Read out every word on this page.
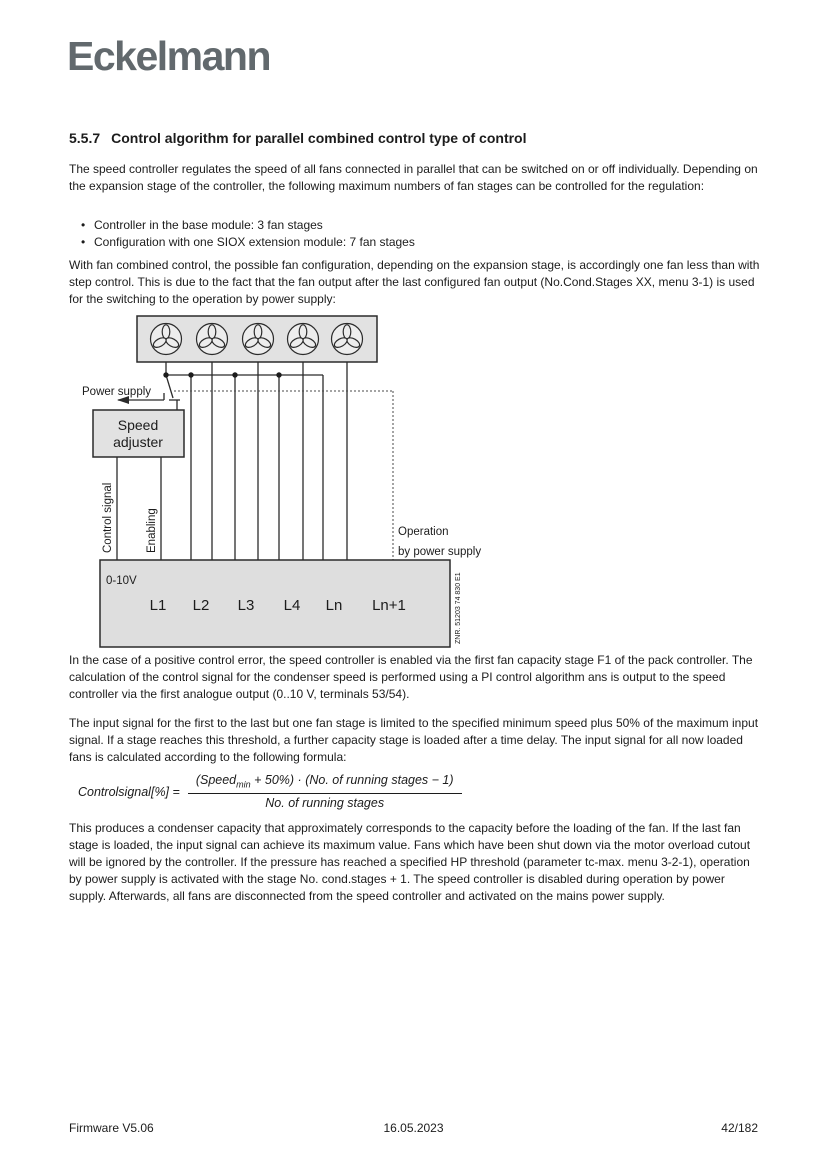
Eckelmann
5.5.7 Control algorithm for parallel combined control type of control
The speed controller regulates the speed of all fans connected in parallel that can be switched on or off individually. Depending on the expansion stage of the controller, the following maximum numbers of fan stages can be controlled for the regulation:
• Controller in the base module: 3 fan stages
• Configuration with one SIOX extension module: 7 fan stages
With fan combined control, the possible fan configuration, depending on the expansion stage, is accordingly one fan less than with step control. This is due to the fact that the fan output after the last configured fan output (No.Cond.Stages XX, menu 3-1) is used for the switching to the operation by power supply:
Speed
adjuster
Power supply
Control signal	Enabling	Operation
by power supply
0-10V
L1 L2 L3 L4 Ln Ln+1	ZNR. 51203 74 830 E1
In the case of a positive control error, the speed controller is enabled via the first fan capacity stage F1 of the pack controller. The calculation of the control signal for the condenser speed is performed using a PI control algorithm ans is output to the speed controller via the first analogue output (0..10 V, terminals 53/54).
The input signal for the first to the last but one fan stage is limited to the specified minimum speed plus 50% of the maximum input signal. If a stage reaches this threshold, a further capacity stage is loaded after a time delay. The input signal for all now loaded fans is calculated according to the following formula:
Controlsignal[%] = $\frac{(Speed_{min} + 50\%) \cdot (No. of running stages - 1)}{\text{No. of running stages}}$
This produces a condenser capacity that approximately corresponds to the capacity before the loading of the fan. If the last fan stage is loaded, the input signal can achieve its maximum value. Fans which have been shut down via the motor overload cutout will be ignored by the controller. If the pressure has reached a specified HP threshold (parameter tc-max. menu 3-2-1), operation by power supply is activated with the stage No. cond.stages + 1. The speed controller is disabled during operation by power supply. Afterwards, all fans are disconnected from the speed controller and activated on the mains power supply.
Firmware V5.06	16.05.2023	42/182
